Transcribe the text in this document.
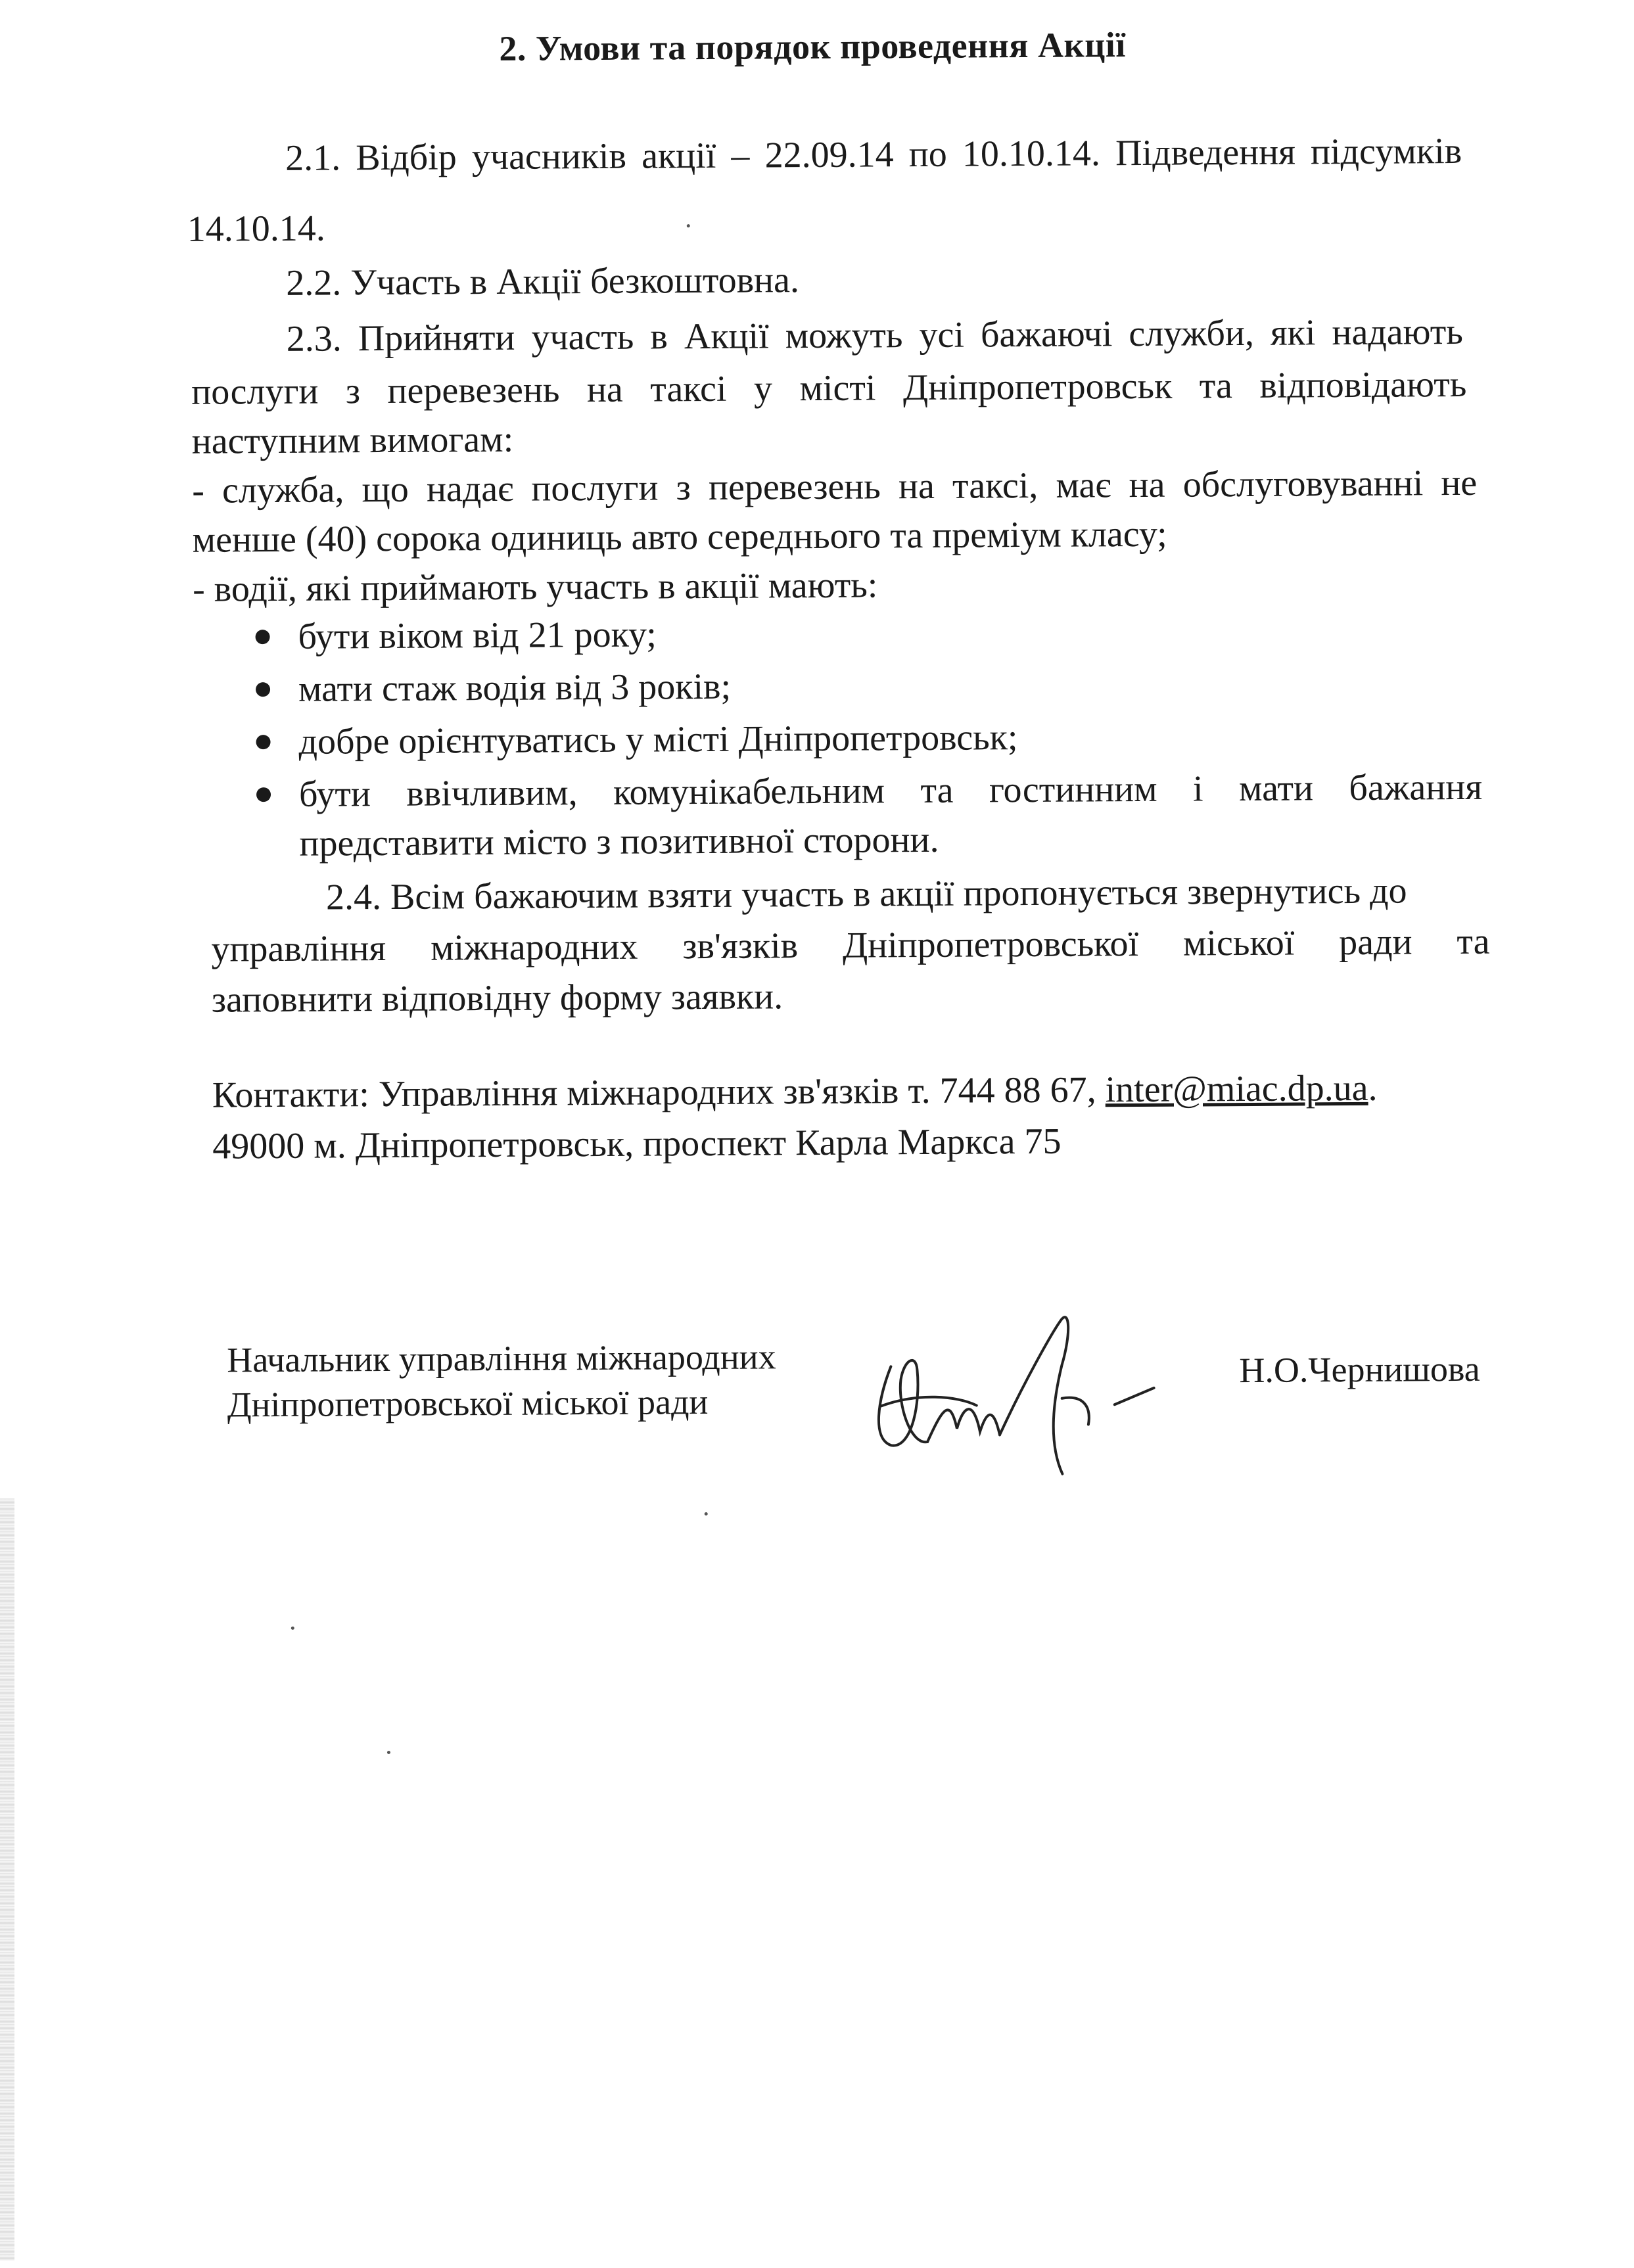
2. Умови та порядок проведення Акції
2.1. Відбір учасників акції – 22.09.14 по 10.10.14. Підведення підсумків
14.10.14.
2.2. Участь в Акції безкоштовна.
2.3. Прийняти участь в Акції можуть усі бажаючі служби, які надають
послуги з перевезень на таксі у місті Дніпропетровськ та відповідають
наступним вимогам:
- служба, що надає послуги з перевезень на таксі, має на обслуговуванні не
менше (40) сорока одиниць авто середнього та преміум класу;
- водії, які приймають участь в акції мають:
бути віком від 21 року;
мати стаж водія від 3 років;
добре орієнтуватись у місті Дніпропетровськ;
бути ввічливим, комунікабельним та гостинним і мати бажання
представити місто з позитивної сторони.
2.4. Всім бажаючим взяти участь в акції пропонується звернутись до
управління міжнародних зв'язків Дніпропетровської міської ради та
заповнити відповідну форму заявки.
Контакти: Управління міжнародних зв'язків т. 744 88 67, inter@miac.dp.ua.
49000 м. Дніпропетровськ, проспект Карла Маркса 75
Начальник управління міжнародних
Дніпропетровської міської ради
Н.О.Чернишова
